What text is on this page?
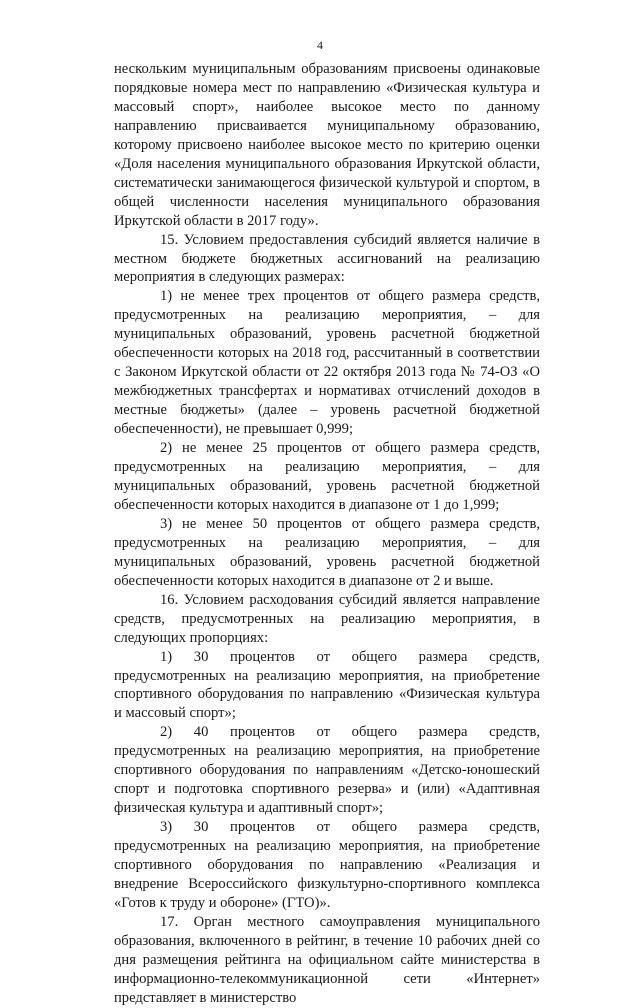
4

нескольким муниципальным образованиям присвоены одинаковые порядковые номера мест по направлению «Физическая культура и массовый спорт», наиболее высокое место по данному направлению присваивается муниципальному образованию, которому присвоено наиболее высокое место по критерию оценки «Доля населения муниципального образования Иркутской области, систематически занимающегося физической культурой и спортом, в общей численности населения муниципального образования Иркутской области в 2017 году».

15. Условием предоставления субсидий является наличие в местном бюджете бюджетных ассигнований на реализацию мероприятия в следующих размерах:

1) не менее трех процентов от общего размера средств, предусмотренных на реализацию мероприятия, – для муниципальных образований, уровень расчетной бюджетной обеспеченности которых на 2018 год, рассчитанный в соответствии с Законом Иркутской области от 22 октября 2013 года № 74-ОЗ «О межбюджетных трансфертах и нормативах отчислений доходов в местные бюджеты» (далее – уровень расчетной бюджетной обеспеченности), не превышает 0,999;

2) не менее 25 процентов от общего размера средств, предусмотренных на реализацию мероприятия, – для муниципальных образований, уровень расчетной бюджетной обеспеченности которых находится в диапазоне от 1 до 1,999;

3) не менее 50 процентов от общего размера средств, предусмотренных на реализацию мероприятия, – для муниципальных образований, уровень расчетной бюджетной обеспеченности которых находится в диапазоне от 2 и выше.

16. Условием расходования субсидий является направление средств, предусмотренных на реализацию мероприятия, в следующих пропорциях:

1) 30 процентов от общего размера средств, предусмотренных на реализацию мероприятия, на приобретение спортивного оборудования по направлению «Физическая культура и массовый спорт»;

2) 40 процентов от общего размера средств, предусмотренных на реализацию мероприятия, на приобретение спортивного оборудования по направлениям «Детско-юношеский спорт и подготовка спортивного резерва» и (или) «Адаптивная физическая культура и адаптивный спорт»;

3) 30 процентов от общего размера средств, предусмотренных на реализацию мероприятия, на приобретение спортивного оборудования по направлению «Реализация и внедрение Всероссийского физкультурно-спортивного комплекса «Готов к труду и обороне» (ГТО)».

17. Орган местного самоуправления муниципального образования, включенного в рейтинг, в течение 10 рабочих дней со дня размещения рейтинга на официальном сайте министерства в информационно-телекоммуникационной сети «Интернет» представляет в министерство
